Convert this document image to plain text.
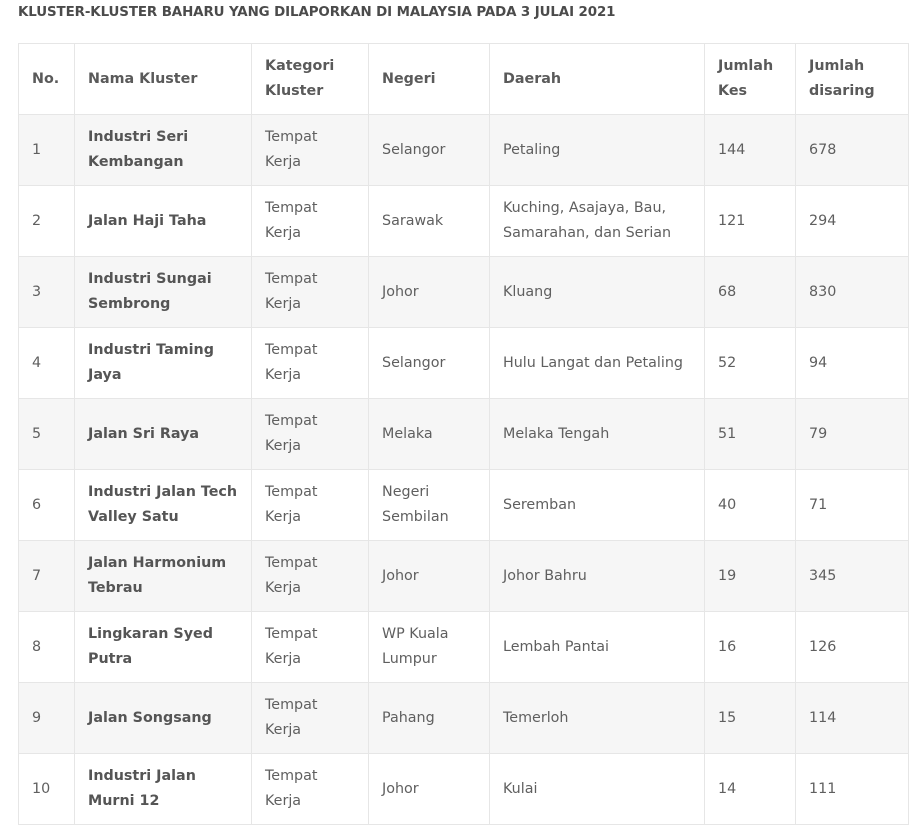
KLUSTER-KLUSTER BAHARU YANG DILAPORKAN DI MALAYSIA PADA 3 JULAI 2021
No.	Nama Kluster	Kategori Kluster	Negeri	Daerah	Jumlah Kes	Jumlah disaring
1	Industri Seri Kembangan	Tempat Kerja	Selangor	Petaling	144	678
2	Jalan Haji Taha	Tempat Kerja	Sarawak	Kuching, Asajaya, Bau, Samarahan, dan Serian	121	294
3	Industri Sungai Sembrong	Tempat Kerja	Johor	Kluang	68	830
4	Industri Taming Jaya	Tempat Kerja	Selangor	Hulu Langat dan Petaling	52	94
5	Jalan Sri Raya	Tempat Kerja	Melaka	Melaka Tengah	51	79
6	Industri Jalan Tech Valley Satu	Tempat Kerja	Negeri Sembilan	Seremban	40	71
7	Jalan Harmonium Tebrau	Tempat Kerja	Johor	Johor Bahru	19	345
8	Lingkaran Syed Putra	Tempat Kerja	WP Kuala Lumpur	Lembah Pantai	16	126
9	Jalan Songsang	Tempat Kerja	Pahang	Temerloh	15	114
10	Industri Jalan Murni 12	Tempat Kerja	Johor	Kulai	14	111
